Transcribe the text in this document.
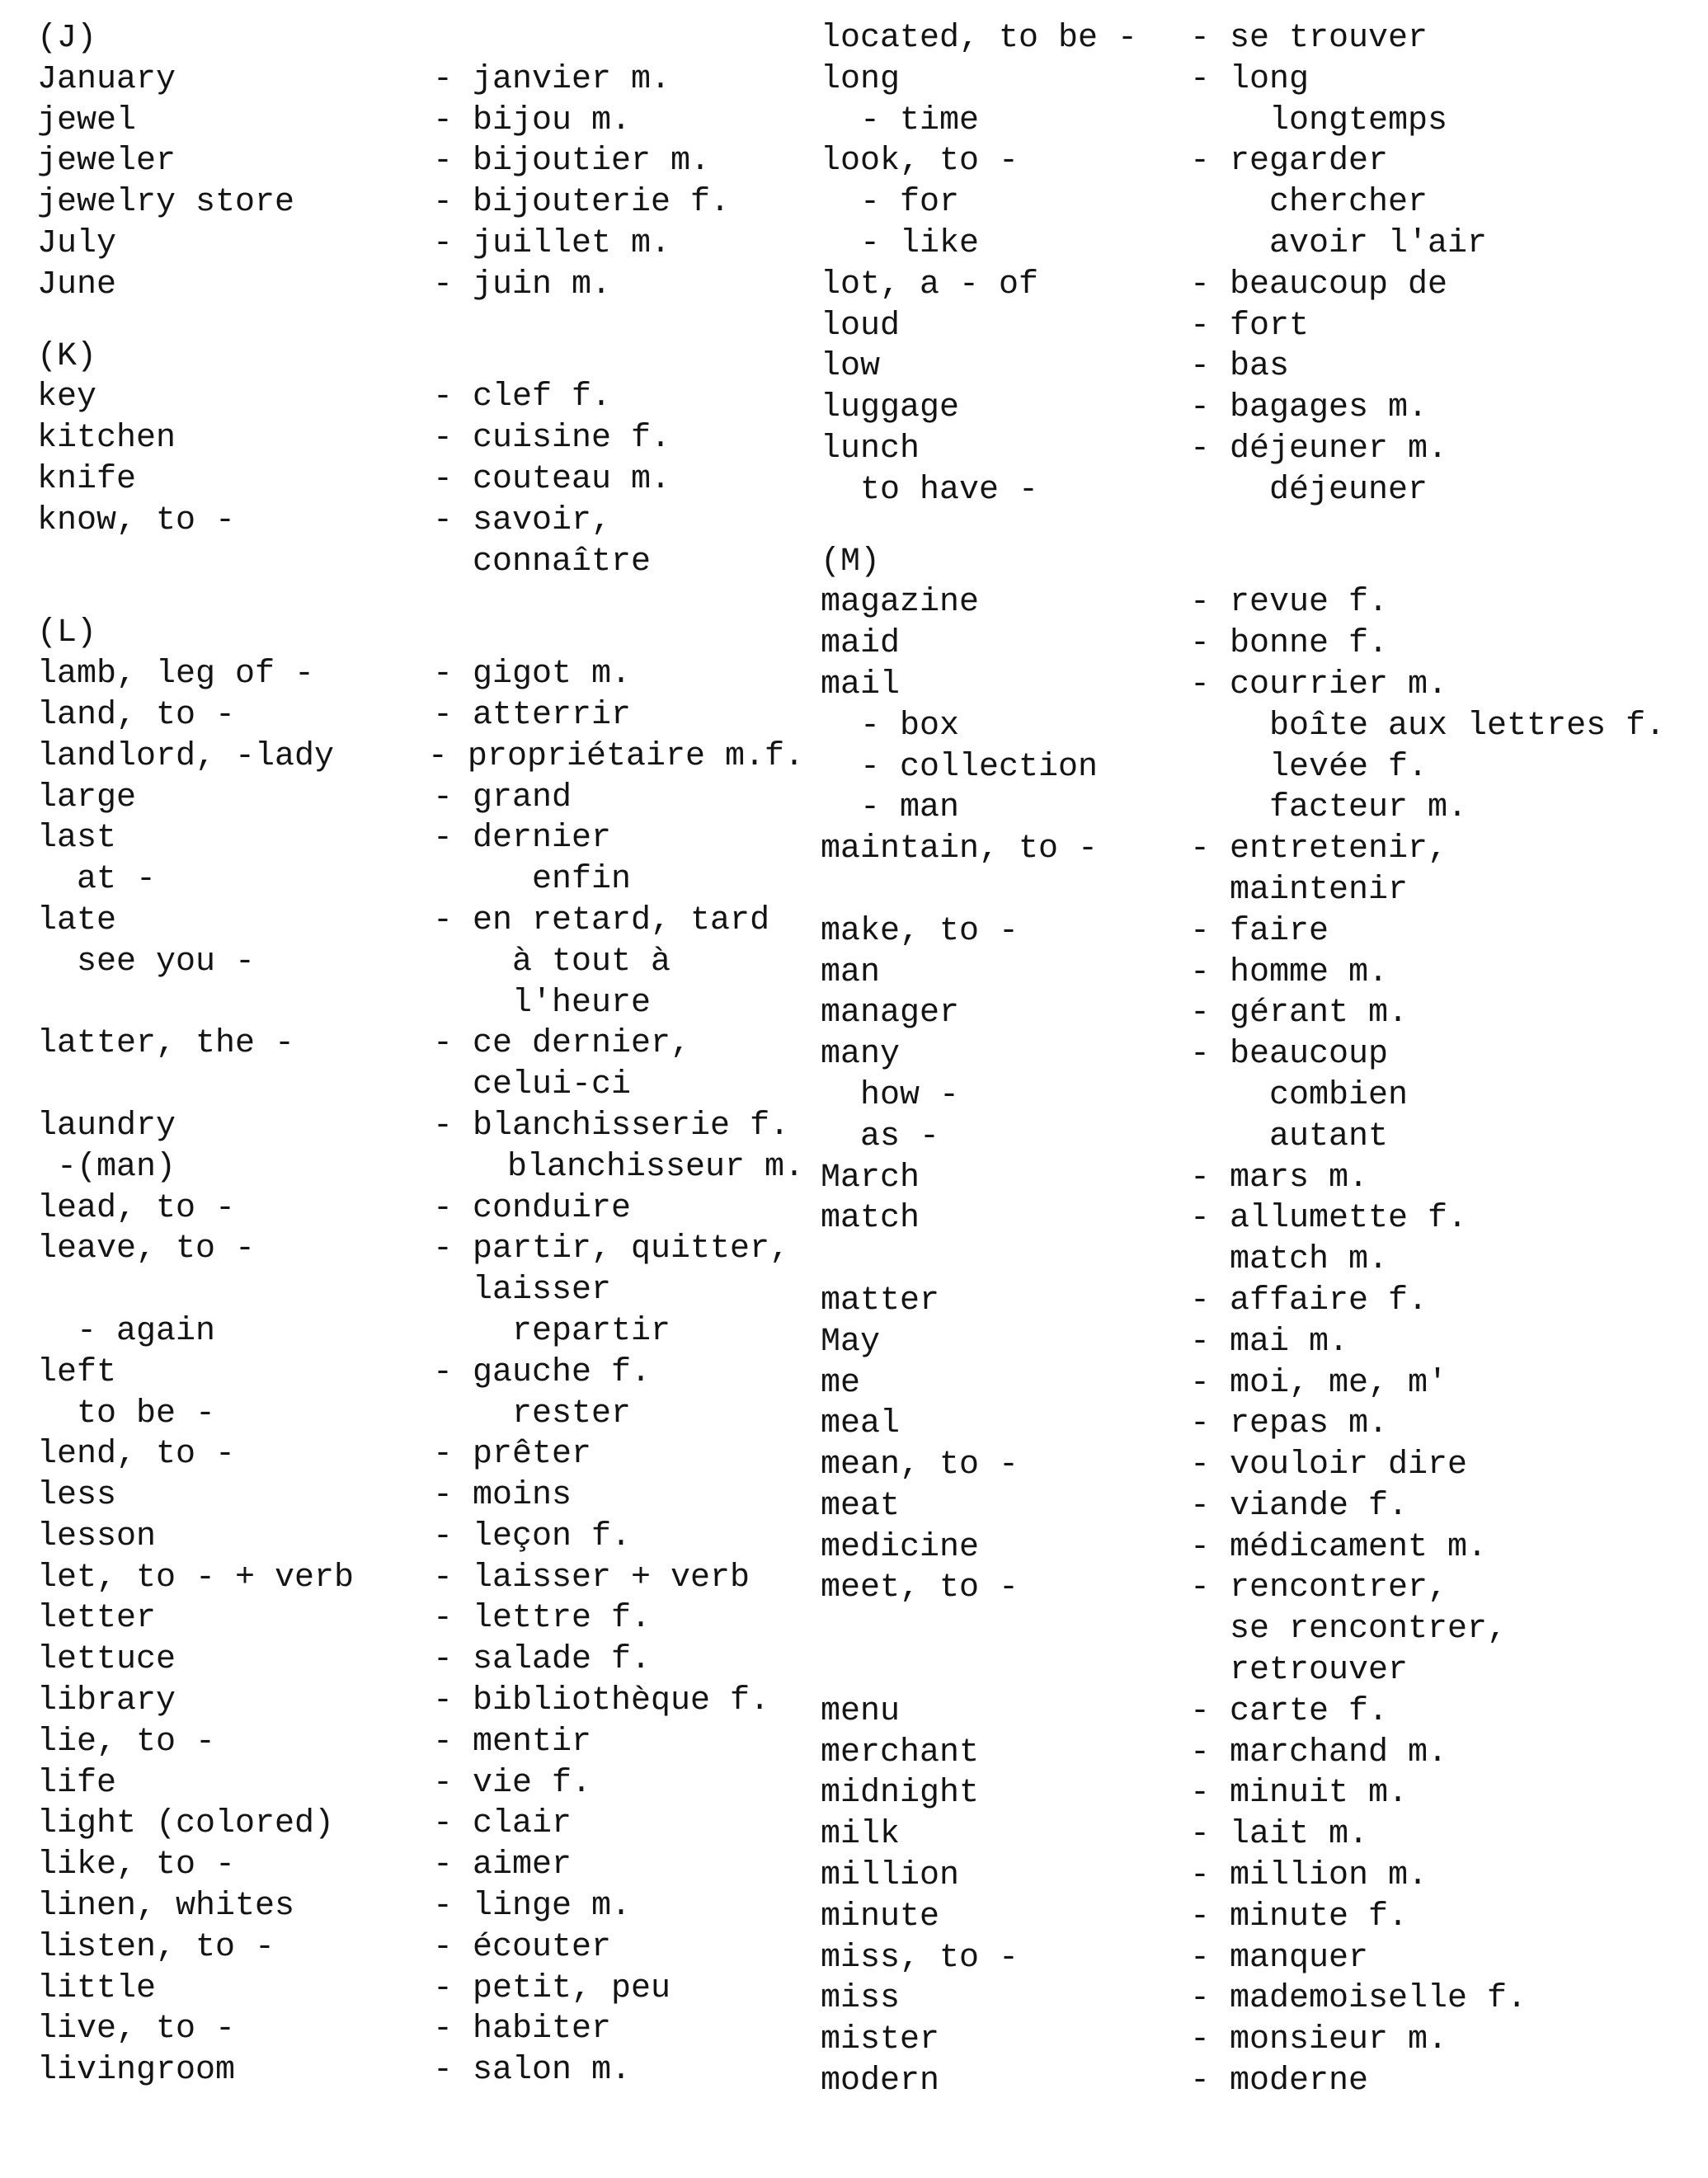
(J)
January	- janvier m.
jewel	- bijou m.
jeweler	- bijoutier m.
jewelry store	- bijouterie f.
July	- juillet m.
June	- juin m.
(K)
key	- clef f.
kitchen	- cuisine f.
knife	- couteau m.
know, to -	- savoir,
connaître
(L)
lamb, leg of -	- gigot m.
land, to -	- atterrir
landlord, -lady	- propriétaire m.f.
large	- grand
last	- dernier
at -	enfin
late	- en retard, tard
see you -	à tout à
l'heure
latter, the -	- ce dernier,
celui-ci
laundry	- blanchisserie f.
-(man)	blanchisseur m.
lead, to -	- conduire
leave, to -	- partir, quitter,
laisser
- again	repartir
left	- gauche f.
to be -	rester
lend, to -	- prêter
less	- moins
lesson	- leçon f.
let, to - + verb	- laisser + verb
letter	- lettre f.
lettuce	- salade f.
library	- bibliothèque f.
lie, to -	- mentir
life	- vie f.
light (colored)	- clair
like, to -	- aimer
linen, whites	- linge m.
listen, to -	- écouter
little	- petit, peu
live, to -	- habiter
livingroom	- salon m.
located, to be -	- se trouver
long	- long
- time	longtemps
look, to -	- regarder
- for	chercher
- like	avoir l'air
lot, a - of	- beaucoup de
loud	- fort
low	- bas
luggage	- bagages m.
lunch	- déjeuner m.
to have -	déjeuner
(M)
magazine	- revue f.
maid	- bonne f.
mail	- courrier m.
- box	boîte aux lettres f.
- collection	levée f.
- man	facteur m.
maintain, to -	- entretenir,
maintenir
make, to -	- faire
man	- homme m.
manager	- gérant m.
many	- beaucoup
how -	combien
as -	autant
March	- mars m.
match	- allumette f.
match m.
matter	- affaire f.
May	- mai m.
me	- moi, me, m'
meal	- repas m.
mean, to -	- vouloir dire
meat	- viande f.
medicine	- médicament m.
meet, to -	- rencontrer,
se rencontrer,
retrouver
menu	- carte f.
merchant	- marchand m.
midnight	- minuit m.
milk	- lait m.
million	- million m.
minute	- minute f.
miss, to -	- manquer
miss	- mademoiselle f.
mister	- monsieur m.
modern	- moderne
